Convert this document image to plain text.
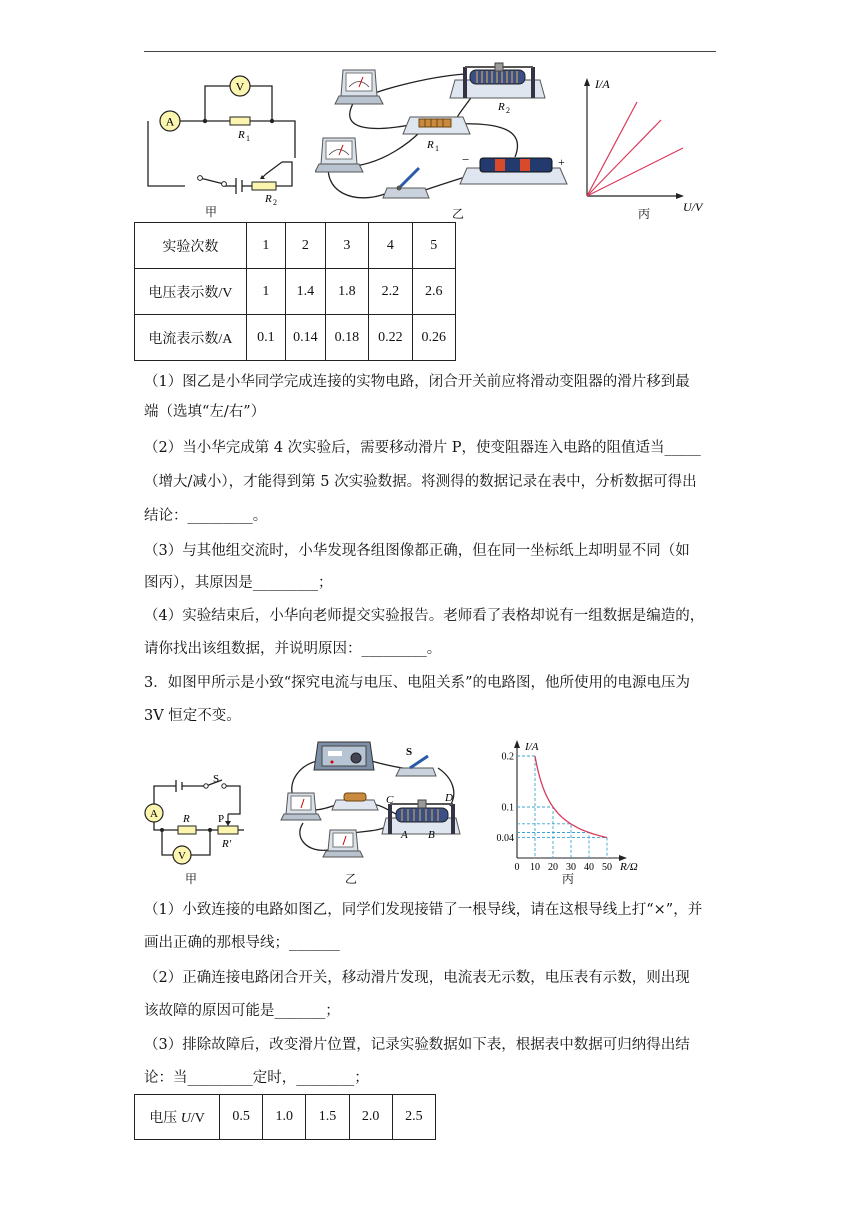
A
V
R 1
R 2
甲
R 2
R 1
−	+
乙
I/A
U/V
丙
实验次数	1	2	3	4	5
电压表示数/V	1	1.4	1.8	2.2	2.6
电流表示数/A	0.1	0.14	0.18	0.22	0.26
（1）图乙是小华同学完成连接的实物电路，闭合开关前应将滑动变阻器的滑片移到最
端（选填“左/右”）
（2）当小华完成第 4 次实验后，需要移动滑片 P，使变阻器连入电路的阻值适当_____
（增大/减小），才能得到第 5 次实验数据。将测得的数据记录在表中，分析数据可得出
结论：_________。
（3）与其他组交流时，小华发现各组图像都正确，但在同一坐标纸上却明显不同（如
图丙），其原因是_________；
（4）实验结束后，小华向老师提交实验报告。老师看了表格却说有一组数据是编造的，
请你找出该组数据，并说明原因：_________。
3．如图甲所示是小致“探究电流与电压、电阻关系”的电路图，他所使用的电源电压为
3V 恒定不变。
A
V
S
R	P
R′
甲
S
C	D
A B
乙
0.2
0.1
0.04
0 10 20 30 40 50
I/A
R/Ω
丙
（1）小致连接的电路如图乙，同学们发现接错了一根导线，请在这根导线上打“×”，并
画出正确的那根导线；_______
（2）正确连接电路闭合开关，移动滑片发现，电流表无示数，电压表有示数，则出现
该故障的原因可能是_______；
（3）排除故障后，改变滑片位置，记录实验数据如下表，根据表中数据可归纳得出结
论：当_________定时，________；
电压 U/V	0.5	1.0	1.5	2.0	2.5
